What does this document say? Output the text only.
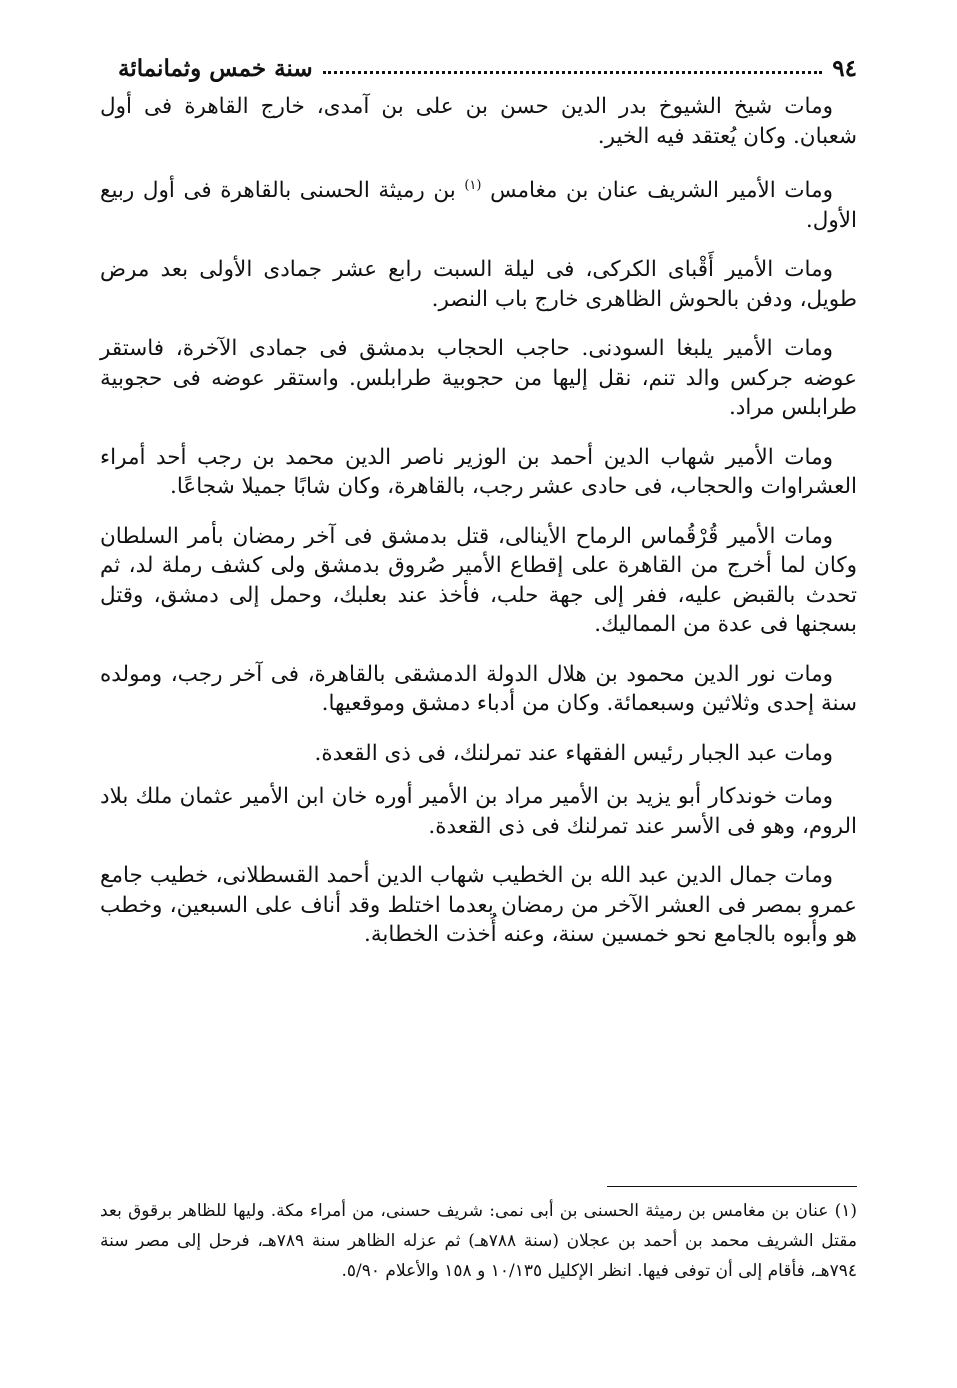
٩٤
سنة خمس وثمانمائة

ومات شيخ الشيوخ بدر الدين حسن بن على بن آمدى، خارج القاهرة فى أول شعبان. وكان يُعتقد فيه الخير.

ومات الأمير الشريف عنان بن مغامس $^{(١)}$ بن رميثة الحسنى بالقاهرة فى أول ربيع الأول.

ومات الأمير أَقْباى الكركى، فى ليلة السبت رابع عشر جمادى الأولى بعد مرض طويل، ودفن بالحوش الظاهرى خارج باب النصر.

ومات الأمير يلبغا السودنى. حاجب الحجاب بدمشق فى جمادى الآخرة، فاستقر عوضه جركس والد تنم، نقل إليها من حجوبية طرابلس. واستقر عوضه فى حجوبية طرابلس مراد.

ومات الأمير شهاب الدين أحمد بن الوزير ناصر الدين محمد بن رجب أحد أمراء العشراوات والحجاب، فى حادى عشر رجب، بالقاهرة، وكان شابًا جميلا شجاعًا.

ومات الأمير قُرْقُماس الرماح الأينالى، قتل بدمشق فى آخر رمضان بأمر السلطان وكان لما أخرج من القاهرة على إقطاع الأمير صُروق بدمشق ولى كشف رملة لد، ثم تحدث بالقبض عليه، ففر إلى جهة حلب، فأخذ عند بعلبك، وحمل إلى دمشق، وقتل بسجنها فى عدة من المماليك.

ومات نور الدين محمود بن هلال الدولة الدمشقى بالقاهرة، فى آخر رجب، ومولده سنة إحدى وثلاثين وسبعمائة. وكان من أدباء دمشق وموقعيها.

ومات عبد الجبار رئيس الفقهاء عند تمرلنك، فى ذى القعدة.

ومات خوندكار أبو يزيد بن الأمير مراد بن الأمير أوره خان ابن الأمير عثمان ملك بلاد الروم، وهو فى الأسر عند تمرلنك فى ذى القعدة.

ومات جمال الدين عبد الله بن الخطيب شهاب الدين أحمد القسطلانى، خطيب جامع عمرو بمصر فى العشر الآخر من رمضان بعدما اختلط وقد أناف على السبعين، وخطب هو وأبوه بالجامع نحو خمسين سنة، وعنه أُخذت الخطابة.

(١) عنان بن مغامس بن رميثة الحسنى بن أبى نمى: شريف حسنى، من أمراء مكة. وليها للظاهر برقوق بعد مقتل الشريف محمد بن أحمد بن عجلان (سنة ٧٨٨هـ) ثم عزله الظاهر سنة ٧٨٩هـ، فرحل إلى مصر سنة ٧٩٤هـ، فأقام إلى أن توفى فيها. انظر الإكليل ١٠/١٣٥ و ١٥٨ والأعلام ٥/٩٠.
